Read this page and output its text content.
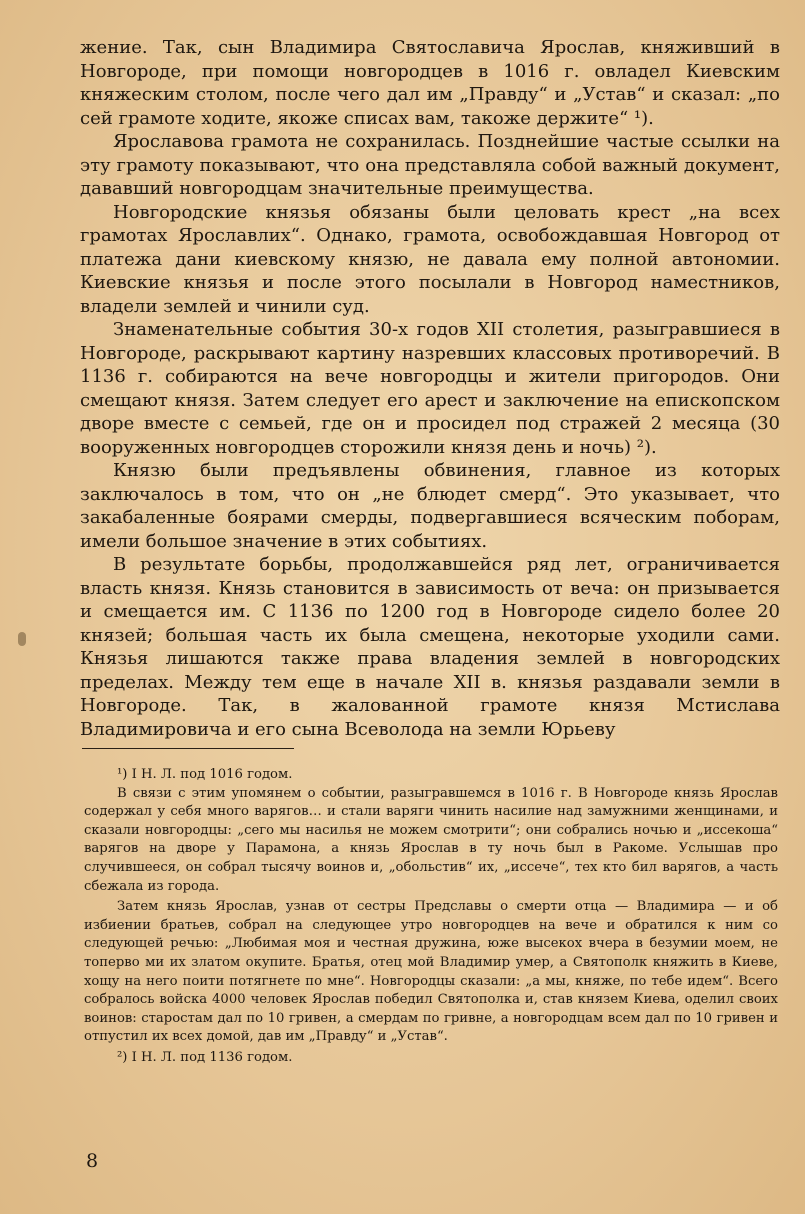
жение. Так, сын Владимира Святославича Ярослав, княживший в Новгороде, при помощи новгородцев в 1016 г. овладел Киевским княжеским столом, после чего дал им „Правду“ и „Устав“ и сказал: „по сей грамоте ходите, якоже списах вам, такоже держите“ ¹).

Ярославова грамота не сохранилась. Позднейшие частые ссылки на эту грамоту показывают, что она представляла собой важный документ, дававший новгородцам значительные преимущества.

Новгородские князья обязаны были целовать крест „на всех грамотах Ярославлих“. Однако, грамота, освобождавшая Новгород от платежа дани киевскому князю, не давала ему полной автономии. Киевские князья и после этого посылали в Новгород наместников, владели землей и чинили суд.

Знаменательные события 30-х годов XII столетия, разыгравшиеся в Новгороде, раскрывают картину назревших классовых противоречий. В 1136 г. собираются на вече новгородцы и жители пригородов. Они смещают князя. Затем следует его арест и заключение на епископском дворе вместе с семьей, где он и просидел под стражей 2 месяца (30 вооруженных новгородцев сторожили князя день и ночь) ²).

Князю были предъявлены обвинения, главное из которых заключалось в том, что он „не блюдет смерд“. Это указывает, что закабаленные боярами смерды, подвергавшиеся всяческим поборам, имели большое значение в этих событиях.

В результате борьбы, продолжавшейся ряд лет, ограничивается власть князя. Князь становится в зависимость от веча: он призывается и смещается им. С 1136 по 1200 год в Новгороде сидело более 20 князей; большая часть их была смещена, некоторые уходили сами. Князья лишаются также права владения землей в новгородских пределах. Между тем еще в начале XII в. князья раздавали земли в Новгороде. Так, в жалованной грамоте князя Мстислава Владимировича и его сына Всеволода на земли Юрьеву

¹) I Н. Л. под 1016 годом.

В связи с этим упомянем о событии, разыгравшемся в 1016 г. В Новгороде князь Ярослав содержал у себя много варягов… и стали варяги чинить насилие над замужними женщинами, и сказали новгородцы: „сего мы насилья не можем смотрити“; они собрались ночью и „иссекоша“ варягов на дворе у Парамона, а князь Ярослав в ту ночь был в Ракоме. Услышав про случившееся, он собрал тысячу воинов и, „обольстив“ их, „иссече“, тех кто бил варягов, а часть сбежала из города.

Затем князь Ярослав, узнав от сестры Предславы о смерти отца — Владимира — и об избиении братьев, собрал на следующее утро новгородцев на вече и обратился к ним со следующей речью: „Любимая моя и честная дружина, юже высекох вчера в безумии моем, не топерво ми их златом окупите. Братья, отец мой Владимир умер, а Святополк княжить в Киеве, хощу на него поити потягнете по мне“. Новгородцы сказали: „а мы, княже, по тебе идем“. Всего собралось войска 4000 человек Ярослав победил Святополка и, став князем Киева, оделил своих воинов: старостам дал по 10 гривен, а смердам по гривне, а новгородцам всем дал по 10 гривен и отпустил их всех домой, дав им „Правду“ и „Устав“.

²) I Н. Л. под 1136 годом.

8
